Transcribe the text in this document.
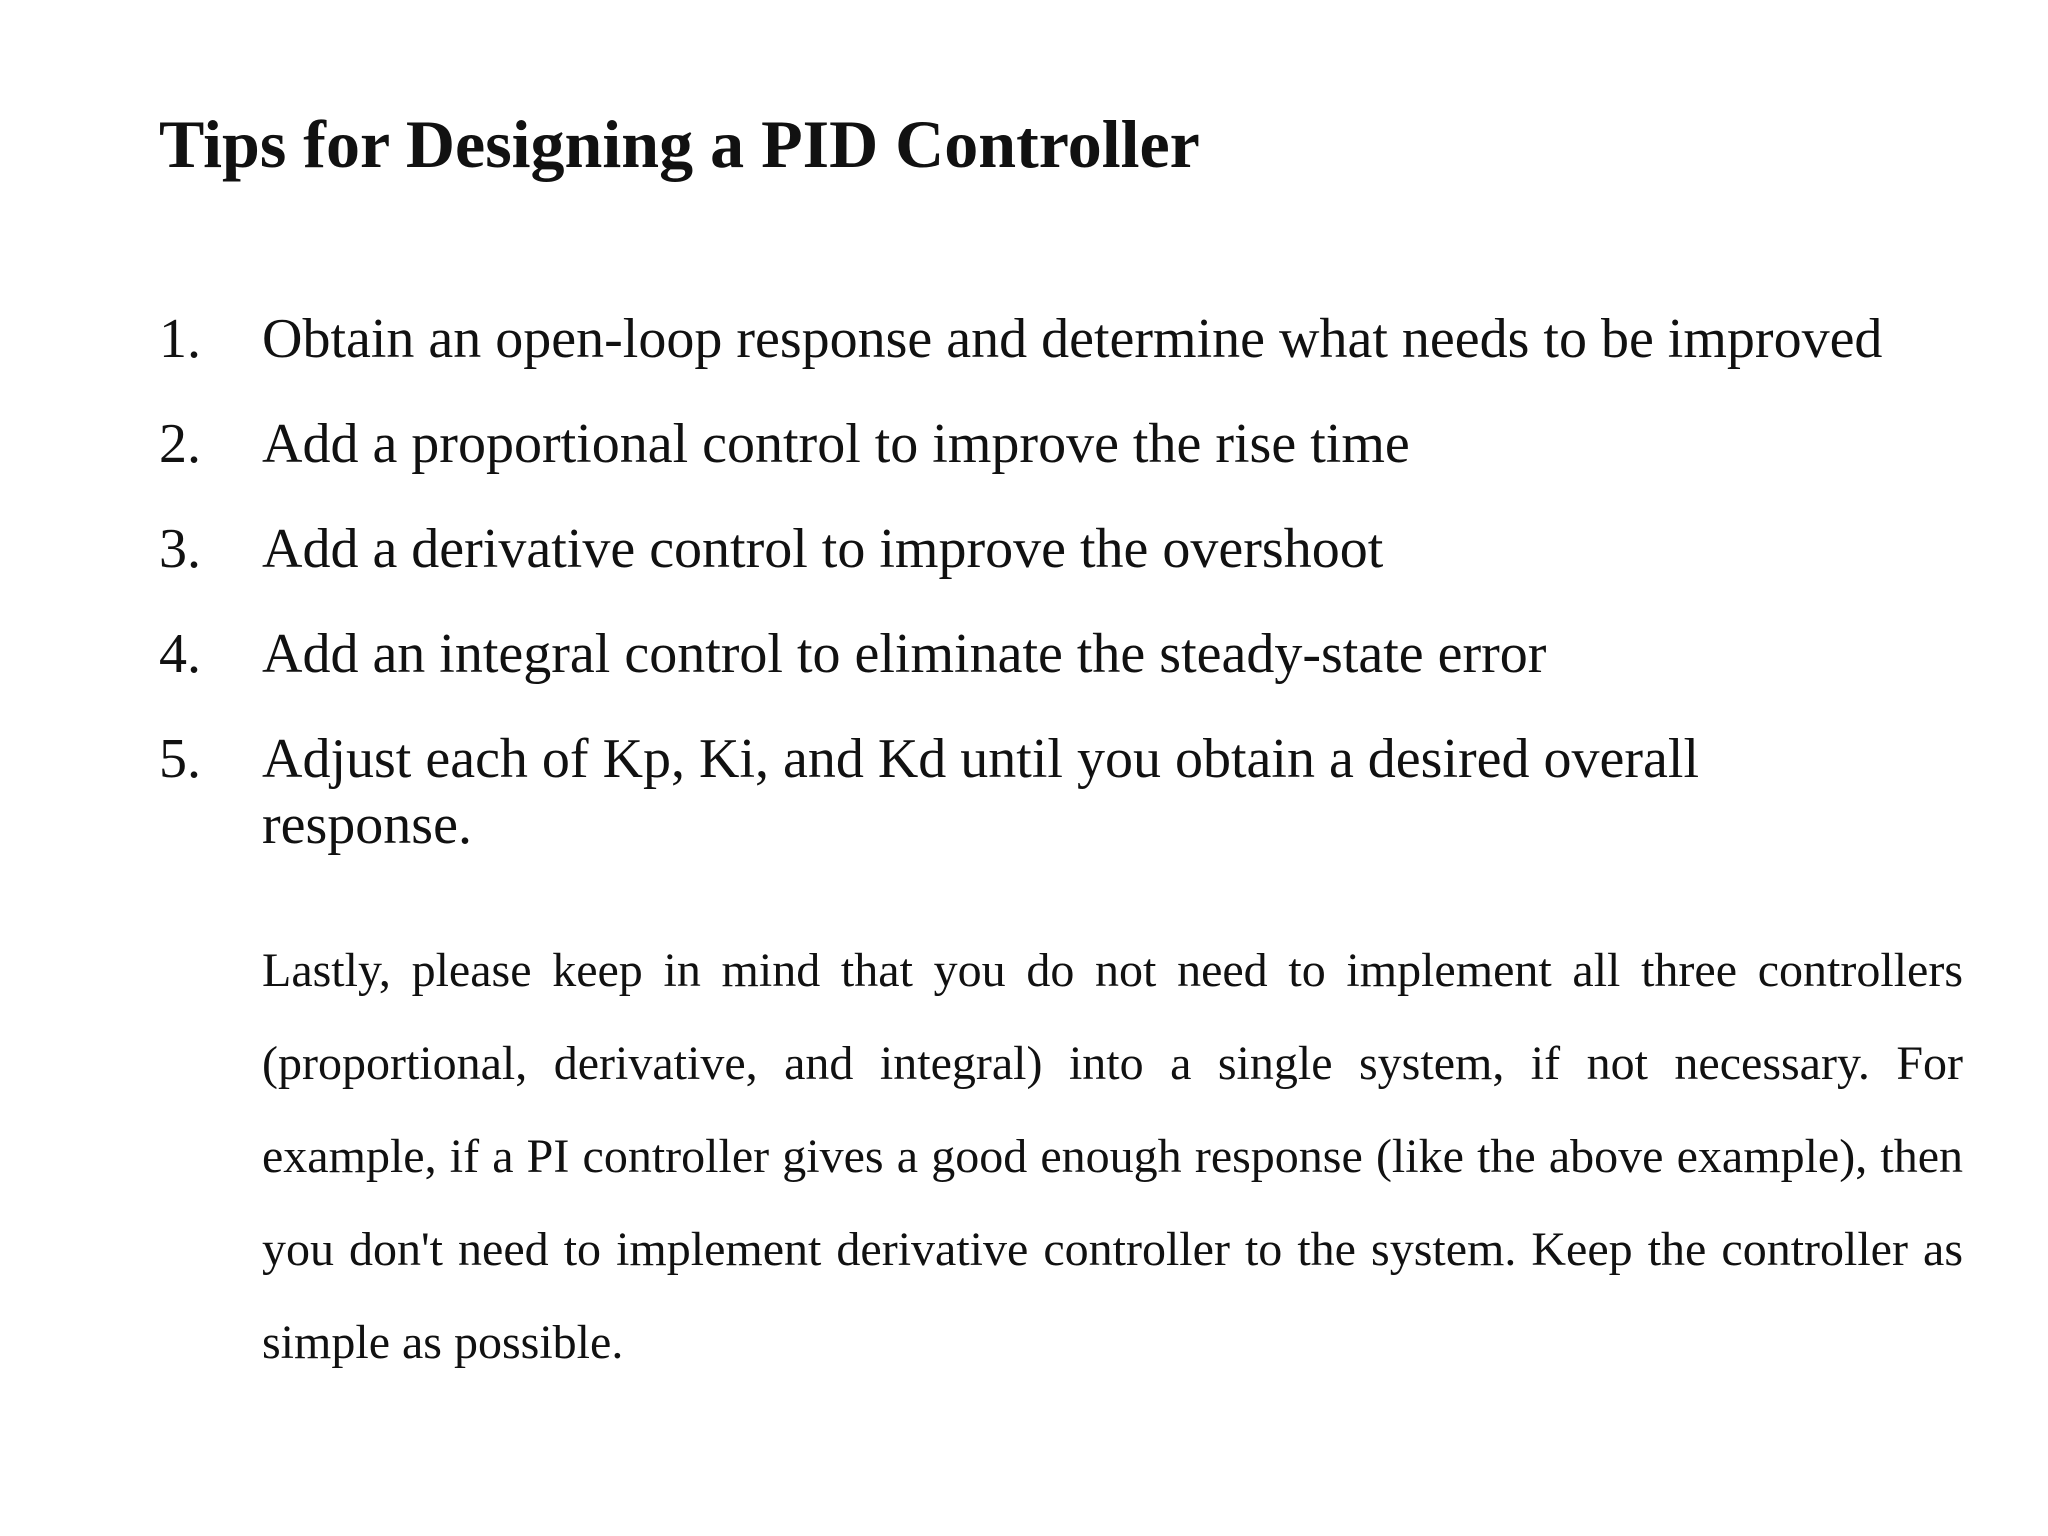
Tips for Designing a PID Controller
1.	Obtain an open-loop response and determine what needs to be improved
2.	Add a proportional control to improve the rise time
3.	Add a derivative control to improve the overshoot
4.	Add an integral control to eliminate the steady-state error
5.	Adjust each of Kp, Ki, and Kd until you obtain a desired overall response.

Lastly, please keep in mind that you do not need to implement all three controllers (proportional, derivative, and integral) into a single system, if not necessary. For example, if a PI controller gives a good enough response (like the above example), then you don't need to implement derivative controller to the system. Keep the controller as simple as possible.
